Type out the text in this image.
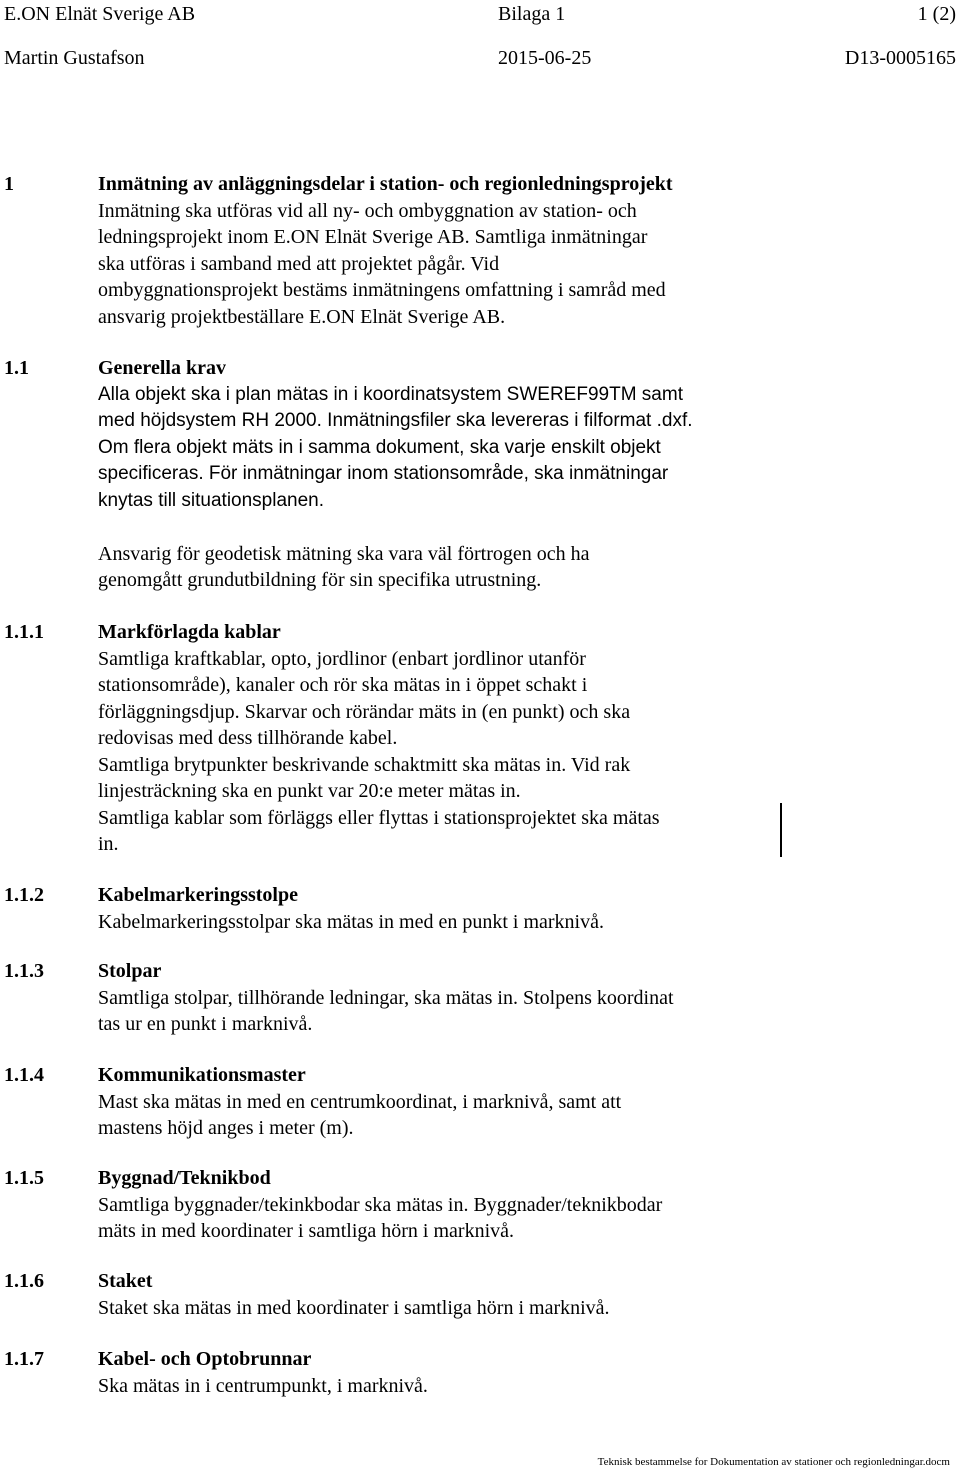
E.ON Elnät Sverige AB	Bilaga 1	1 (2)
Martin Gustafson	2015-06-25	D13-0005165
1	Inmätning av anläggningsdelar i station- och regionledningsprojekt

Inmätning ska utföras vid all ny- och ombyggnation av station- och
ledningsprojekt inom E.ON Elnät Sverige AB. Samtliga inmätningar
ska utföras i samband med att projektet pågår. Vid
ombyggnationsprojekt bestäms inmätningens omfattning i samråd med
ansvarig projektbeställare E.ON Elnät Sverige AB.

1.1	Generella krav

Alla objekt ska i plan mätas in i koordinatsystem SWEREF99TM samt
med höjdsystem RH 2000. Inmätningsfiler ska levereras i filformat .dxf.
Om flera objekt mäts in i samma dokument, ska varje enskilt objekt
specificeras. För inmätningar inom stationsområde, ska inmätningar
knytas till situationsplanen.

Ansvarig för geodetisk mätning ska vara väl förtrogen och ha
genomgått grundutbildning för sin specifika utrustning.

1.1.1	Markförlagda kablar

Samtliga kraftkablar, opto, jordlinor (enbart jordlinor utanför
stationsområde), kanaler och rör ska mätas in i öppet schakt i
förläggningsdjup. Skarvar och rörändar mäts in (en punkt) och ska
redovisas med dess tillhörande kabel.
Samtliga brytpunkter beskrivande schaktmitt ska mätas in. Vid rak
linjesträckning ska en punkt var 20:e meter mätas in.
Samtliga kablar som förläggs eller flyttas i stationsprojektet ska mätas
in.

1.1.2	Kabelmarkeringsstolpe

Kabelmarkeringsstolpar ska mätas in med en punkt i marknivå.

1.1.3	Stolpar

Samtliga stolpar, tillhörande ledningar, ska mätas in. Stolpens koordinat
tas ur en punkt i marknivå.

1.1.4	Kommunikationsmaster

Mast ska mätas in med en centrumkoordinat, i marknivå, samt att
mastens höjd anges i meter (m).

1.1.5	Byggnad/Teknikbod

Samtliga byggnader/tekinkbodar ska mätas in. Byggnader/teknikbodar
mäts in med koordinater i samtliga hörn i marknivå.

1.1.6	Staket

Staket ska mätas in med koordinater i samtliga hörn i marknivå.

1.1.7	Kabel- och Optobrunnar

Ska mätas in i centrumpunkt, i marknivå.

Teknisk bestammelse for Dokumentation av stationer och regionledningar.docm
